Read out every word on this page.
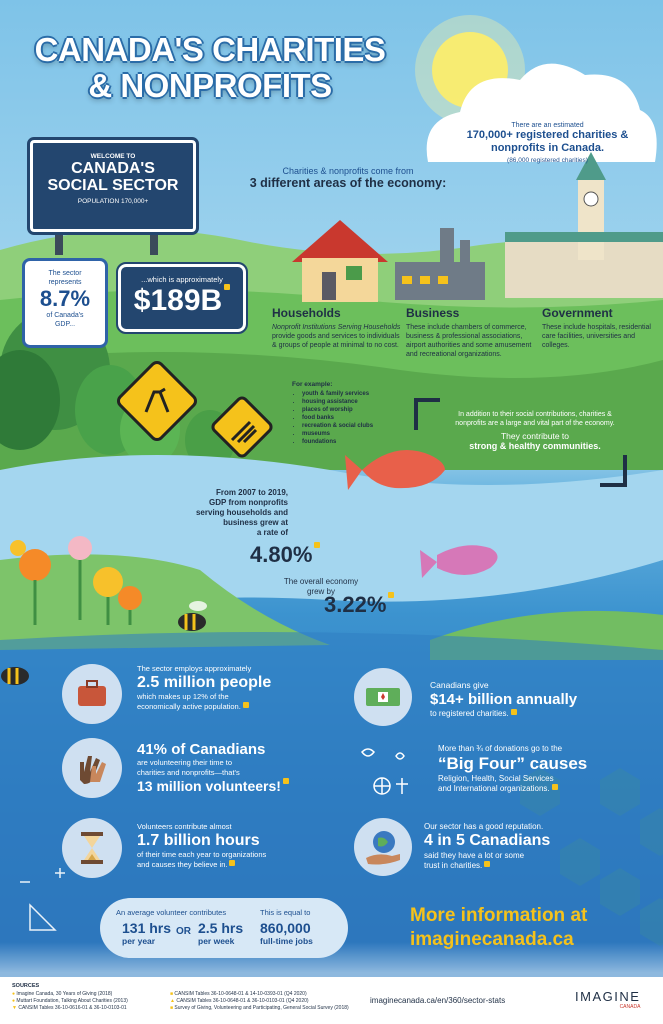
CANADA'S CHARITIES
& NONPROFITS
There are an estimated
170,000+ registered charities &
nonprofits in Canada.
(86,000 registered charities)
WELCOME TO
CANADA'S
SOCIAL SECTOR
POPULATION 170,000+
The sector represents
8.7%
of Canada's
GDP...
...which is approximately
$189B
Charities & nonprofits come from
3 different areas of the economy:
Households
Nonprofit Institutions Serving Households provide goods and services to individuals & groups of people at minimal to no cost.
For example:
• youth & family services
• housing assistance
• places of worship
• food banks
• recreation & social clubs
• museums
• foundations
Business
These include chambers of commerce, business & professional associations, airport authorities and some amusement and recreational organizations.
Government
These include hospitals, residential care facilities, universities and colleges.
In addition to their social contributions, charities & nonprofits are a large and vital part of the economy.
They contribute to
strong & healthy communities.
From 2007 to 2019,
GDP from nonprofits
serving households and
business grew at
a rate of
4.80%
The overall economy
grew by
3.22%
The sector employs approximately
2.5 million people
which makes up 12% of the
economically active population.
41% of Canadians
are volunteering their time to
charities and nonprofits—that's
13 million volunteers!
Volunteers contribute almost
1.7 billion hours
of their time each year to organizations
and causes they believe in.
An average volunteer contributes
131 hrs
per year
OR 2.5 hrs
per week
This is equal to
860,000
full-time jobs
Canadians give
$14+ billion annually
to registered charities.
More than ¾ of donations go to the
“Big Four” causes
Religion, Health, Social Services
and International organizations.
Our sector has a good reputation.
4 in 5 Canadians
said they have a lot or some
trust in charities.
More information at
imaginecanada.ca
SOURCES
● Imagine Canada, 30 Years of Giving (2018)
● Muttart Foundation, Talking About Charities (2013)
▼ CANSIM Tables 36-10-0616-01 & 36-10-0103-01
■ CANSIM Tables 36-10-0648-01 & 14-10-0393-01 (Q4 2020)
▲ CANSIM Tables 36-10-0648-01 & 36-10-0103-01 (Q4 2020)
■ Survey of Giving, Volunteering and Participating, General Social Survey (2018)
imaginecanada.ca/en/360/sector-stats	IMAGINE
CANADA
